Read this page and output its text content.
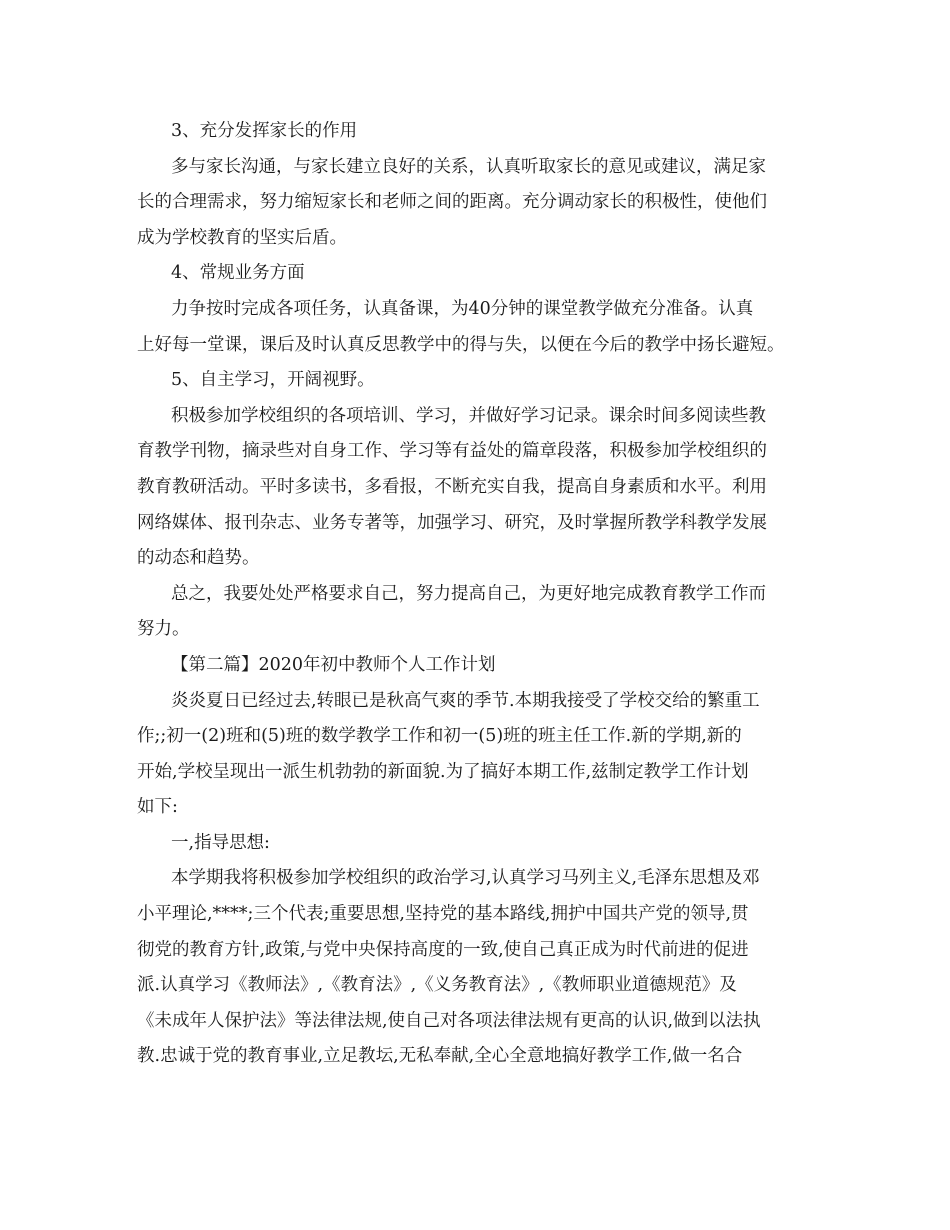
3、充分发挥家长的作用
多与家长沟通，与家长建立良好的关系，认真听取家长的意见或建议，满足家
长的合理需求，努力缩短家长和老师之间的距离。充分调动家长的积极性，使他们
成为学校教育的坚实后盾。
4、常规业务方面
力争按时完成各项任务，认真备课，为40分钟的课堂教学做充分准备。认真
上好每一堂课，课后及时认真反思教学中的得与失，以便在今后的教学中扬长避短。
5、自主学习，开阔视野。
积极参加学校组织的各项培训、学习，并做好学习记录。课余时间多阅读些教
育教学刊物，摘录些对自身工作、学习等有益处的篇章段落，积极参加学校组织的
教育教研活动。平时多读书，多看报，不断充实自我，提高自身素质和水平。利用
网络媒体、报刊杂志、业务专著等，加强学习、研究，及时掌握所教学科教学发展
的动态和趋势。
总之，我要处处严格要求自己，努力提高自己，为更好地完成教育教学工作而
努力。
【第二篇】2020年初中教师个人工作计划
炎炎夏日已经过去,转眼已是秋高气爽的季节.本期我接受了学校交给的繁重工
作;;初一(2)班和(5)班的数学教学工作和初一(5)班的班主任工作.新的学期,新的
开始,学校呈现出一派生机勃勃的新面貌.为了搞好本期工作,兹制定教学工作计划
如下:
一,指导思想:
本学期我将积极参加学校组织的政治学习,认真学习马列主义,毛泽东思想及邓
小平理论,****;三个代表;重要思想,坚持党的基本路线,拥护中国共产党的领导,贯
彻党的教育方针,政策,与党中央保持高度的一致,使自己真正成为时代前进的促进
派.认真学习《教师法》,《教育法》,《义务教育法》,《教师职业道德规范》及
《未成年人保护法》等法律法规,使自己对各项法律法规有更高的认识,做到以法执
教.忠诚于党的教育事业,立足教坛,无私奉献,全心全意地搞好教学工作,做一名合
